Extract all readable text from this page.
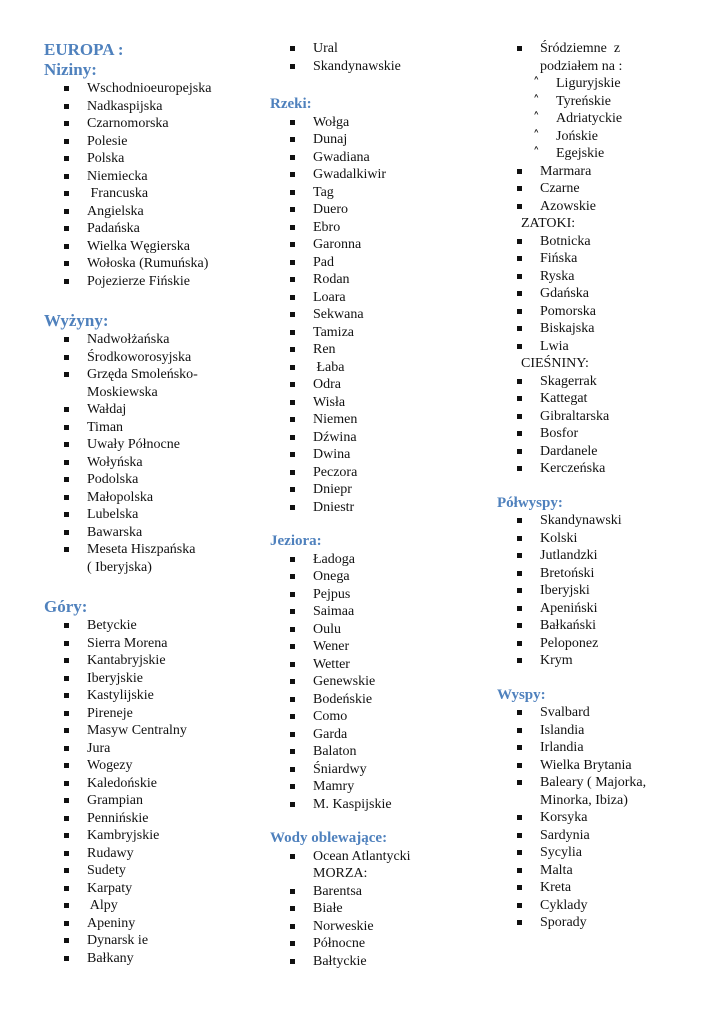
EUROPA :

Niziny:

Wschodnioeuropejska
Nadkaspijska
Czarnomorska
Polesie
Polska
Niemiecka
Francuska
Angielska
Padańska
Wielka Węgierska
Wołoska (Rumuńska)
Pojezierze Fińskie

Wyżyny:

Nadwołżańska
Środkoworosyjska
Grzęda Smoleńsko-
Moskiewska
Wałdaj
Timan
Uwały Północne
Wołyńska
Podolska
Małopolska
Lubelska
Bawarska
Meseta Hiszpańska
( Iberyjska)

Góry:

Betyckie
Sierra Morena
Kantabryjskie
Iberyjskie
Kastylijskie
Pireneje
Masyw Centralny
Jura
Wogezy
Kaledońskie
Grampian
Pennińskie
Kambryjskie
Rudawy
Sudety
Karpaty
Alpy
Apeniny
Dynarsk ie
Bałkany
Ural
Skandynawskie

Rzeki:

Wołga
Dunaj
Gwadiana
Gwadalkiwir
Tag
Duero
Ebro
Garonna
Pad
Rodan
Loara
Sekwana
Tamiza
Ren
Łaba
Odra
Wisła
Niemen
Dźwina
Dwina
Peczora
Dniepr
Dniestr

Jeziora:

Ładoga
Onega
Pejpus
Saimaa
Oulu
Wener
Wetter
Genewskie
Bodeńskie
Como
Garda
Balaton
Śniardwy
Mamry
M. Kaspijskie

Wody oblewające:

Ocean Atlantycki
MORZA:
Barentsa
Białe
Norweskie
Północne
Bałtyckie
Śródziemne  z
podziałem na :
˄ Liguryjskie
˄ Tyreńskie
˄ Adriatyckie
˄ Jońskie
˄ Egejskie
Marmara
Czarne
Azowskie

ZATOKI:

Botnicka
Fińska
Ryska
Gdańska
Pomorska
Biskajska
Lwia

CIEŚNINY:

Skagerrak
Kattegat
Gibraltarska
Bosfor
Dardanele
Kerczeńska

Półwyspy:

Skandynawski
Kolski
Jutlandzki
Bretoński
Iberyjski
Apeniński
Bałkański
Peloponez
Krym

Wyspy:

Svalbard
Islandia
Irlandia
Wielka Brytania
Baleary ( Majorka,
Minorka, Ibiza)
Korsyka
Sardynia
Sycylia
Malta
Kreta
Cyklady
Sporady
